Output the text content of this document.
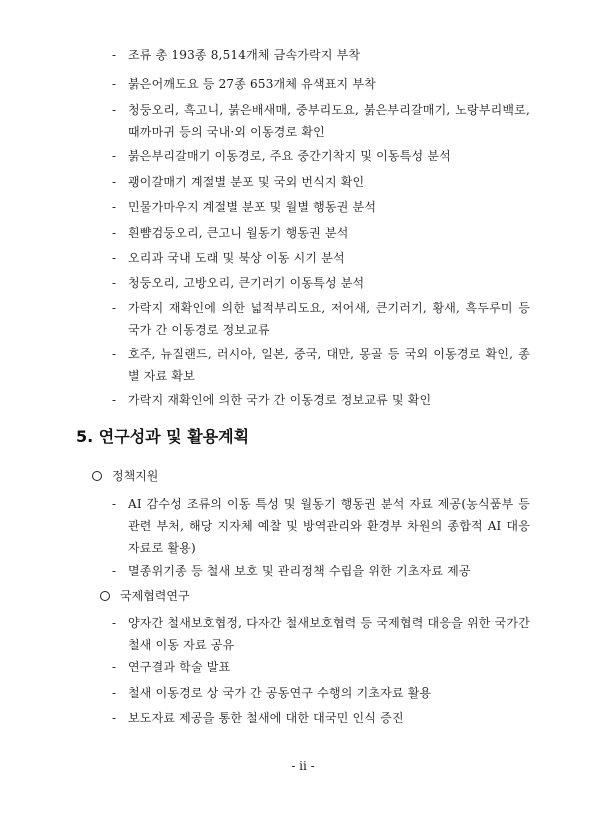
- 조류 총 193종 8,514개체 금속가락지 부착
- 붉은어깨도요 등 27종 653개체 유색표지 부착
- 청둥오리, 흑고니, 붉은배새매, 중부리도요, 붉은부리갈매기, 노랑부리백로, 때까마귀 등의 국내·외 이동경로 확인
- 붉은부리갈매기 이동경로, 주요 중간기착지 및 이동특성 분석
- 괭이갈매기 계절별 분포 및 국외 번식지 확인
- 민물가마우지 계절별 분포 및 월별 행동권 분석
- 흰뺨검둥오리, 큰고니 월동기 행동권 분석
- 오리과 국내 도래 및 북상 이동 시기 분석
- 청둥오리, 고방오리, 큰기러기 이동특성 분석
- 가락지 재확인에 의한 넓적부리도요, 저어새, 큰기러기, 황새, 흑두루미 등 국가 간 이동경로 정보교류
- 호주, 뉴질랜드, 러시아, 일본, 중국, 대만, 몽골 등 국외 이동경로 확인, 종별 자료 확보
- 가락지 재확인에 의한 국가 간 이동경로 정보교류 및 확인
5. 연구성과 및 활용계획
정책지원
- AI 감수성 조류의 이동 특성 및 월동기 행동권 분석 자료 제공(농식품부 등 관련 부처, 해당 지자체 예찰 및 방역관리와 환경부 차원의 종합적 AI 대응 자료로 활용)
- 멸종위기종 등 철새 보호 및 관리정책 수립을 위한 기초자료 제공
국제협력연구
- 양자간 철새보호협정, 다자간 철새보호협력 등 국제협력 대응을 위한 국가간 철새 이동 자료 공유
- 연구결과 학술 발표
- 철새 이동경로 상 국가 간 공동연구 수행의 기초자료 활용
- 보도자료 제공을 통한 철새에 대한 대국민 인식 증진
- ii -
